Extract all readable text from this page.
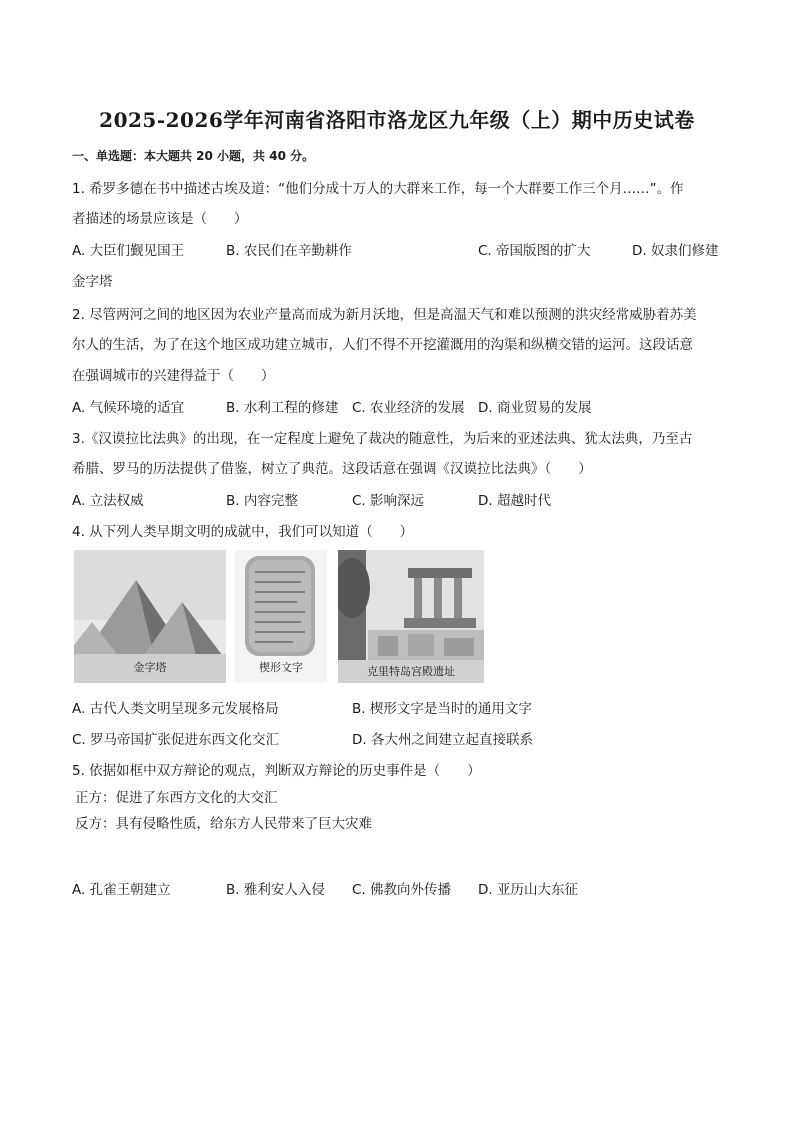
2025-2026学年河南省洛阳市洛龙区九年级（上）期中历史试卷
一、单选题：本大题共 20 小题，共 40 分。
1. 希罗多德在书中描述古埃及道：“他们分成十万人的大群来工作，每一个大群要工作三个月……”。作
者描述的场景应该是（　　）
A. 大臣们觐见国王	B. 农民们在辛勤耕作	C. 帝国版图的扩大	D. 奴隶们修建
金字塔
2. 尽管两河之间的地区因为农业产量高而成为新月沃地，但是高温天气和难以预测的洪灾经常威胁着苏美
尔人的生活，为了在这个地区成功建立城市，人们不得不开挖灌溉用的沟渠和纵横交错的运河。这段话意
在强调城市的兴建得益于（　　）
A. 气候环境的适宜	B. 水利工程的修建 C. 农业经济的发展 D. 商业贸易的发展
3.《汉谟拉比法典》的出现，在一定程度上避免了裁决的随意性，为后来的亚述法典、犹太法典，乃至古
希腊、罗马的历法提供了借鉴，树立了典范。这段话意在强调《汉谟拉比法典》（　　）
A. 立法权威	B. 内容完整	C. 影响深远	D. 超越时代
4. 从下列人类早期文明的成就中，我们可以知道（　　）
金字塔	楔形文字	克里特岛宫殿遗址
A. 古代人类文明呈现多元发展格局	B. 楔形文字是当时的通用文字
C. 罗马帝国扩张促进东西文化交汇	D. 各大州之间建立起直接联系
5. 依据如框中双方辩论的观点，判断双方辩论的历史事件是（　　）
正方：促进了东西方文化的大交汇
反方：具有侵略性质，给东方人民带来了巨大灾难
A. 孔雀王朝建立	B. 雅利安人入侵 C. 佛教向外传播 D. 亚历山大东征
